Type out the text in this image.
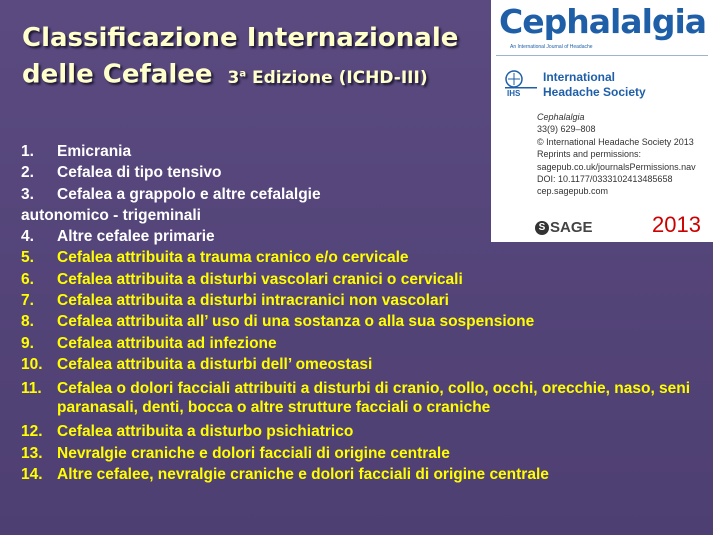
Classificazione Internazionale
delle Cefalee 3$^a$ Edizione (ICHD-III)
1.	Emicrania
2.	Cefalea di tipo tensivo
3.	Cefalea a grappolo e altre cefalalgie
autonomico - trigeminali
4.	Altre cefalee primarie
5.	Cefalea attribuita a trauma cranico e/o cervicale
6.	Cefalea attribuita a disturbi vascolari cranici o cervicali
7.	Cefalea attribuita a disturbi intracranici non vascolari
8.	Cefalea attribuita all’ uso di una sostanza o alla sua sospensione
9.	Cefalea attribuita ad infezione
10. Cefalea attribuita a disturbi dell’ omeostasi
11. Cefalea o dolori facciali attribuiti a disturbi di cranio, collo, occhi, orecchie, naso, seni paranasali, denti, bocca o altre strutture facciali o craniche
12. Cefalea attribuita a disturbo psichiatrico
13. Nevralgie craniche e dolori facciali di origine centrale
14. Altre cefalee, nevralgie craniche e dolori facciali di origine centrale
Cephalalgia
An International Journal of Headache
IHS
International
Headache Society
Cephalalgia
33(9) 629–808
© International Headache Society 2013
Reprints and permissions:
sagepub.co.uk/journalsPermissions.nav
DOI: 10.1177/0333102413485658
cep.sagepub.com
S SAGE	2013
